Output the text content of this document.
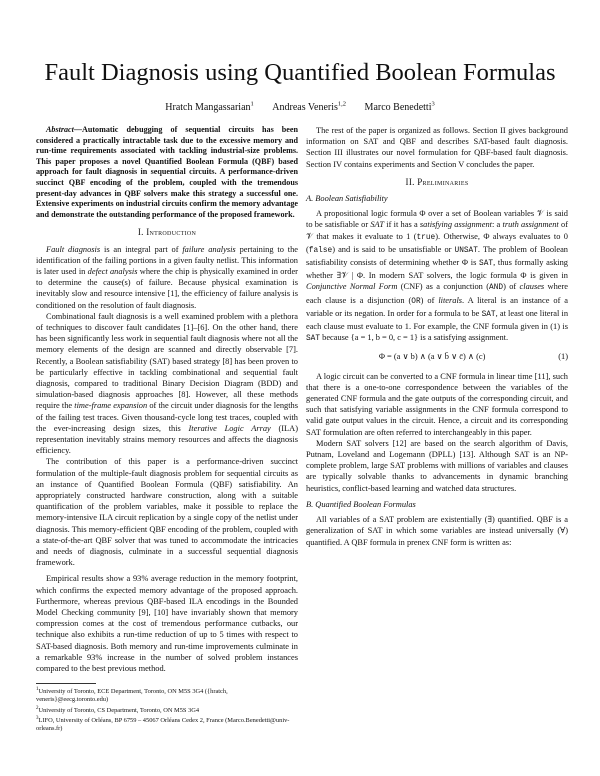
Fault Diagnosis using Quantified Boolean Formulas
Hratch Mangassarian$^1$ Andreas Veneris$^{1,2}$ Marco Benedetti$^3$

Abstract—Automatic debugging of sequential circuits has been considered a practically intractable task due to the excessive memory and run-time requirements associated with tackling industrial-size problems. This paper proposes a novel Quantified Boolean Formula (QBF) based approach for fault diagnosis in sequential circuits. A performance-driven succinct QBF encoding of the problem, coupled with the tremendous present-day advances in QBF solvers make this strategy a successful one. Extensive experiments on industrial circuits confirm the memory advantage and demonstrate the outstanding performance of the proposed framework.

I. Introduction

Fault diagnosis is an integral part of failure analysis pertaining to the identification of the failing portions in a given faulty netlist. This information is later used in defect analysis where the chip is physically examined in order to determine the cause(s) of failure. Because physical examination is inevitably slow and resource intensive [1], the efficiency of failure analysis is conditioned on the resolution of fault diagnosis.

Combinational fault diagnosis is a well examined problem with a plethora of techniques to discover fault candidates [1]–[6]. On the other hand, there has been significantly less work in sequential fault diagnosis where not all the memory elements of the design are scanned and directly observable [7]. Recently, a Boolean satisfiability (SAT) based strategy [8] has been proven to be particularly effective in tackling combinational and sequential fault diagnosis, compared to traditional Binary Decision Diagram (BDD) and simulation-based diagnosis approaches [8]. However, all these methods require the time-frame expansion of the circuit under diagnosis for the lengths of the failing test traces. Given thousand-cycle long test traces, coupled with the ever-increasing design sizes, this Iterative Logic Array (ILA) representation inevitably strains memory resources and affects the diagnosis efficiency.

The contribution of this paper is a performance-driven succinct formulation of the multiple-fault diagnosis problem for sequential circuits as an instance of Quantified Boolean Formula (QBF) satisfiability. An appropriately constructed hardware construction, along with a suitable quantification of the problem variables, make it possible to replace the memory-intensive ILA circuit replication by a single copy of the netlist under diagnosis. This memory-efficient QBF encoding of the problem, coupled with a state-of-the-art QBF solver that was tuned to accommodate the intricacies and needs of diagnosis, culminate in a successful sequential diagnosis framework.

Empirical results show a 93% average reduction in the memory footprint, which confirms the expected memory advantage of the proposed approach. Furthermore, whereas previous QBF-based ILA encodings in the Bounded Model Checking community [9], [10] have invariably shown that memory compression comes at the cost of tremendous performance cutbacks, our technique also exhibits a run-time reduction of up to 5 times with respect to SAT-based diagnosis. Both memory and run-time improvements culminate in a remarkable 93% increase in the number of solved problem instances compared to the best previous method.

$^1$University of Toronto, ECE Department, Toronto, ON M5S 3G4 ({hratch, veneris}@eecg.toronto.edu)
$^2$University of Toronto, CS Department, Toronto, ON M5S 3G4
$^3$LIFO, University of Orléans, BP 6759 – 45067 Orléans Cedex 2, France (Marco.Benedetti@univ-orleans.fr)

The rest of the paper is organized as follows. Section II gives background information on SAT and QBF and describes SAT-based fault diagnosis. Section III illustrates our novel formulation for QBF-based fault diagnosis. Section IV contains experiments and Section V concludes the paper.

II. Preliminaries
A. Boolean Satisfiability

A propositional logic formula Φ over a set of Boolean variables 𝒱 is said to be satisfiable or SAT if it has a satisfying assignment: a truth assignment of 𝒱 that makes it evaluate to 1 (true). Otherwise, Φ always evaluates to 0 (false) and is said to be unsatisfiable or UNSAT. The problem of Boolean satisfiability consists of determining whether Φ is SAT, thus formally asking whether ∃𝒱 | Φ. In modern SAT solvers, the logic formula Φ is given in Conjunctive Normal Form (CNF) as a conjunction (AND) of clauses where each clause is a disjunction (OR) of literals. A literal is an instance of a variable or its negation. In order for a formula to be SAT, at least one literal in each clause must evaluate to 1. For example, the CNF formula given in (1) is SAT because {a = 1, b = 0, c = 1} is a satisfying assignment.

Φ = (a ∨ b) ∧ (a ∨ b̄ ∨ c̄) ∧ (c)	(1)

A logic circuit can be converted to a CNF formula in linear time [11], such that there is a one-to-one correspondence between the variables of the generated CNF formula and the gate outputs of the corresponding circuit, and such that satisfying variable assignments in the CNF formula correspond to valid gate output values in the circuit. Hence, a circuit and its corresponding SAT formulation are often referred to interchangeably in this paper.

Modern SAT solvers [12] are based on the search algorithm of Davis, Putnam, Loveland and Logemann (DPLL) [13]. Although SAT is an NP-complete problem, large SAT problems with millions of variables and clauses are typically solvable thanks to advancements in dynamic branching heuristics, conflict-based learning and watched data structures.

B. Quantified Boolean Formulas

All variables of a SAT problem are existentially (∃) quantified. QBF is a generalization of SAT in which some variables are instead universally (∀) quantified. A QBF formula in prenex CNF form is written as:
